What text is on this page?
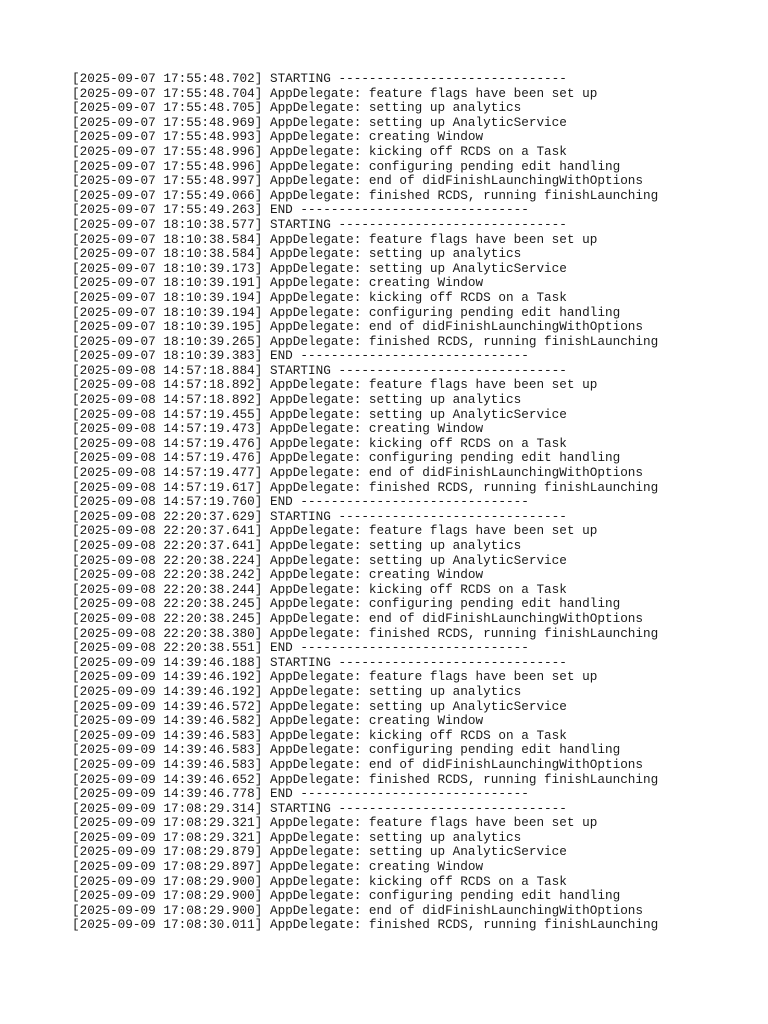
[2025-09-07 17:55:48.702] STARTING ------------------------------
[2025-09-07 17:55:48.704] AppDelegate: feature flags have been set up
[2025-09-07 17:55:48.705] AppDelegate: setting up analytics
[2025-09-07 17:55:48.969] AppDelegate: setting up AnalyticService
[2025-09-07 17:55:48.993] AppDelegate: creating Window
[2025-09-07 17:55:48.996] AppDelegate: kicking off RCDS on a Task
[2025-09-07 17:55:48.996] AppDelegate: configuring pending edit handling
[2025-09-07 17:55:48.997] AppDelegate: end of didFinishLaunchingWithOptions
[2025-09-07 17:55:49.066] AppDelegate: finished RCDS, running finishLaunching
[2025-09-07 17:55:49.263] END ------------------------------
[2025-09-07 18:10:38.577] STARTING ------------------------------
[2025-09-07 18:10:38.584] AppDelegate: feature flags have been set up
[2025-09-07 18:10:38.584] AppDelegate: setting up analytics
[2025-09-07 18:10:39.173] AppDelegate: setting up AnalyticService
[2025-09-07 18:10:39.191] AppDelegate: creating Window
[2025-09-07 18:10:39.194] AppDelegate: kicking off RCDS on a Task
[2025-09-07 18:10:39.194] AppDelegate: configuring pending edit handling
[2025-09-07 18:10:39.195] AppDelegate: end of didFinishLaunchingWithOptions
[2025-09-07 18:10:39.265] AppDelegate: finished RCDS, running finishLaunching
[2025-09-07 18:10:39.383] END ------------------------------
[2025-09-08 14:57:18.884] STARTING ------------------------------
[2025-09-08 14:57:18.892] AppDelegate: feature flags have been set up
[2025-09-08 14:57:18.892] AppDelegate: setting up analytics
[2025-09-08 14:57:19.455] AppDelegate: setting up AnalyticService
[2025-09-08 14:57:19.473] AppDelegate: creating Window
[2025-09-08 14:57:19.476] AppDelegate: kicking off RCDS on a Task
[2025-09-08 14:57:19.476] AppDelegate: configuring pending edit handling
[2025-09-08 14:57:19.477] AppDelegate: end of didFinishLaunchingWithOptions
[2025-09-08 14:57:19.617] AppDelegate: finished RCDS, running finishLaunching
[2025-09-08 14:57:19.760] END ------------------------------
[2025-09-08 22:20:37.629] STARTING ------------------------------
[2025-09-08 22:20:37.641] AppDelegate: feature flags have been set up
[2025-09-08 22:20:37.641] AppDelegate: setting up analytics
[2025-09-08 22:20:38.224] AppDelegate: setting up AnalyticService
[2025-09-08 22:20:38.242] AppDelegate: creating Window
[2025-09-08 22:20:38.244] AppDelegate: kicking off RCDS on a Task
[2025-09-08 22:20:38.245] AppDelegate: configuring pending edit handling
[2025-09-08 22:20:38.245] AppDelegate: end of didFinishLaunchingWithOptions
[2025-09-08 22:20:38.380] AppDelegate: finished RCDS, running finishLaunching
[2025-09-08 22:20:38.551] END ------------------------------
[2025-09-09 14:39:46.188] STARTING ------------------------------
[2025-09-09 14:39:46.192] AppDelegate: feature flags have been set up
[2025-09-09 14:39:46.192] AppDelegate: setting up analytics
[2025-09-09 14:39:46.572] AppDelegate: setting up AnalyticService
[2025-09-09 14:39:46.582] AppDelegate: creating Window
[2025-09-09 14:39:46.583] AppDelegate: kicking off RCDS on a Task
[2025-09-09 14:39:46.583] AppDelegate: configuring pending edit handling
[2025-09-09 14:39:46.583] AppDelegate: end of didFinishLaunchingWithOptions
[2025-09-09 14:39:46.652] AppDelegate: finished RCDS, running finishLaunching
[2025-09-09 14:39:46.778] END ------------------------------
[2025-09-09 17:08:29.314] STARTING ------------------------------
[2025-09-09 17:08:29.321] AppDelegate: feature flags have been set up
[2025-09-09 17:08:29.321] AppDelegate: setting up analytics
[2025-09-09 17:08:29.879] AppDelegate: setting up AnalyticService
[2025-09-09 17:08:29.897] AppDelegate: creating Window
[2025-09-09 17:08:29.900] AppDelegate: kicking off RCDS on a Task
[2025-09-09 17:08:29.900] AppDelegate: configuring pending edit handling
[2025-09-09 17:08:29.900] AppDelegate: end of didFinishLaunchingWithOptions
[2025-09-09 17:08:30.011] AppDelegate: finished RCDS, running finishLaunching
